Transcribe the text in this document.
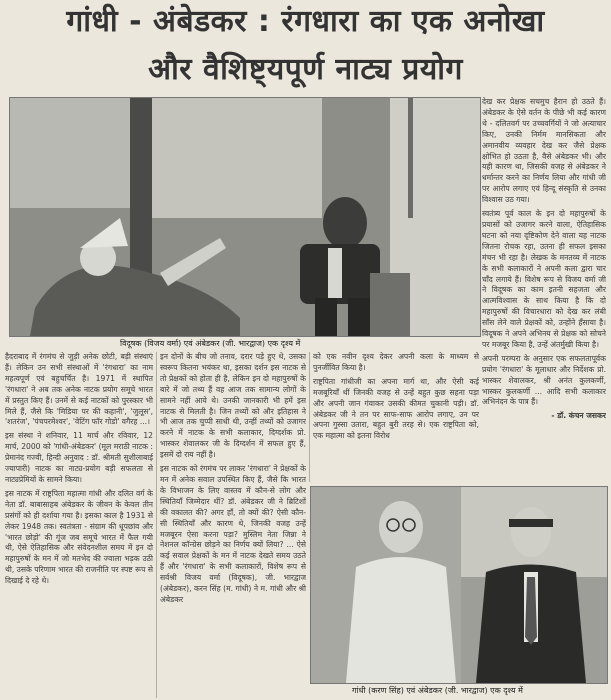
गांधी - अंबेडकर : रंगधारा का एक अनोखा
और वैशिष्ट्यपूर्ण नाट्य प्रयोग
विदूषक (विजय वर्मा) एवं अंबेडकर (जी. भारद्वाज) एक दृश्य में

देख कर प्रेक्षक सचमुच हैरान हो उठते हैं। अंबेडकर के ऐसे वर्तन के पीछे भी कई कारण थे - दलितवर्ग पर उच्चवर्गियों ने जो अत्याचार किए, उनकी निर्मम मानसिकता और अमानवीय व्यवहार देख कर जैसे प्रेक्षक क्षोभित हो उठता है, वैसे अंबेडकर भी। और यही कारण था, जिसकी वजह से अंबेडकर ने धर्मान्तर करने का निर्णय लिया और गांधी जी पर आरोप लगाए एवं हिन्दू संस्कृति से उनका विश्वास उठ गया।

स्वतंत्र्य पूर्व काल के इन दो महापुरुषों के प्रयासों को उजागर करने वाला, ऐतिहासिक घटना को नया दृष्टिकोण देने वाला यह नाटक जितना रोचक रहा, उतना ही सफल इसका मंचन भी रहा है। लेखक के मनतव्य में नाटक के सभी कलाकारों ने अपनी कला द्वारा चार चाँद लगाये हैं। विशेष रूप से विजय वर्मा जी ने विदूषक का काम इतनी सहजता और आत्मविश्वास के साथ किया है कि दो महापुरुषों की विचारधारा को देख कर लंबी साँस लेने वाले प्रेक्षकों को, उन्होंने हँसाया है। विदूषक ने अपने अभिनय से प्रेक्षक को सोचने पर मजबूर किया है, उन्हें अंतर्मुखी किया है।

अपनी परम्परा के अनुसार एक सफलतापूर्वक प्रयोग 'रंगधारा' के मूलाधार और निर्देशक प्रो. भास्कर शेवालकर, श्री अनंत कुलकर्णी, भास्कर कुलकर्णी ... आदि सभी कलाकार अभिनंदन के पात्र हैं।

- डॉ. कंचन जसकर

हैदराबाद में रंगमंच से जुड़ी अनेक छोटी, बड़ी संस्थाएं हैं। लेकिन उन सभी संस्थाओं में 'रंगधारा' का नाम महत्वपूर्ण एवं बहुचर्चित है। 1971 में स्थापित 'रंगधारा' ने अब तक अनेक नाटक प्रयोग समूचे भारत में प्रस्तुत किए हैं। उनमें से कई नाटकों को पुरस्कार भी मिले हैं, जैसे कि 'मिडिया पर की कहानी', 'जुलूस', 'शतरंज', 'पंचपरमेश्वर', 'वेटिंग फॉर गोडो' वगैरह ...।

इस संस्था ने शनिवार, 11 मार्च और रविवार, 12 मार्च, 2000 को 'गांधी-अंबेडकर' (मूल मराठी नाटक : प्रेमानंद गज्वी, हिन्दी अनुवाद : डॉ. श्रीमती सुशीलाबाई ज्यापारी) नाटक का नाट्य-प्रयोग बड़ी सफलता से नाट्यप्रेमियों के सामने किया।

इस नाटक में राष्ट्रपिता महात्मा गांधी और दलित वर्ग के नेता डॉ. बाबासाहब अंबेडकर के जीवन के केवल तीन प्रसंगों को ही दर्शाया गया है। इसका काल है 1931 से लेकर 1948 तक। स्वतंत्रता - संग्राम की धूपछांव और 'भारत छोड़ो' की गूंज जब समूचे भारत में फैल गयी थी, ऐसे ऐतिहासिक और संवेदनशील समय में इन दो महापुरुषों के मन में जो मतभेद की ज्वाला भड़क उठी थी, उसके परिणाम भारत की राजनीति पर स्पष्ट रूप से दिखाई दे रहे थे।

इन दोनों के बीच जो तनाव, दरार पड़े हुए थे, उसका स्वरूप कितना भयंकर था, इसका दर्शन इस नाटक से तो प्रेक्षकों को होता ही है, लेकिन इन दो महापुरुषों के बारे में जो तथ्य हैं वह आज तक सामान्य लोगों के सामने नहीं आये थे। उनकी जानकारी भी हमें इस नाटक से मिलती है। जिन तथ्यों को और इतिहास ने भी आज तक चुप्पी साधी थी, उन्हीं तथ्यों को उजागर करने में नाटक के सभी कलाकार, दिग्दर्शक प्रो. भास्कर शेवालकर जी के दिग्दर्शन में सफल हुए हैं, इसमें दो राय नहीं है।

इस नाटक को रंगमंच पर लाकर 'रंगधारा' ने प्रेक्षकों के मन में अनेक सवाल उपस्थित किए हैं, जैसे कि भारत के विभाजन के लिए वास्तव में कौन-से लोग और स्थितियाँ जिम्मेदार थीं? डॉ. अंबेडकर जी ने ब्रिटिशों की वकालत की? अगर हाँ, तो क्यों की? ऐसी कौन-सी स्थितियाँ और कारण थे, जिनकी वजह उन्हें मजबूरन ऐसा करना पड़ा? मुस्लिम नेता जिन्ना ने नेशनल कॉन्ग्रेस छोड़ने का निर्णय क्यों लिया? ... ऐसे कई सवाल प्रेक्षकों के मन में नाटक देखते समय उठते हैं और 'रंगधारा' के सभी कलाकारों, विशेष रूप से सर्वश्री विजय वर्मा (विदूषक), जी. भारद्वाज (अंबेडकर), करन सिंह (म. गांधी) ने म. गांधी और श्री अंबेडकर

को एक नवीन दृश्य देकर अपनी कला के माध्यम से पुनर्जीवित किया है।

राष्ट्रपिता गांधीजी का अपना मार्ग था, और ऐसी कई मजबूरियाँ थीं जिनकी वजह से उन्हें बहुत कुछ सहना पड़ा और अपनी जान गंवाकर उसकी कीमत चुकानी पड़ी। डॉ. अंबेडकर जी ने तन पर साफ-साफ आरोप लगाए, उन पर अपना गुस्सा उतारा, बहुत बुरी तरह से। एक राष्ट्रपिता को, एक महात्मा को इतना विरोध

गांधी (करण सिंह) एवं अंबेडकर (जी. भारद्वाज) एक दृश्य में
